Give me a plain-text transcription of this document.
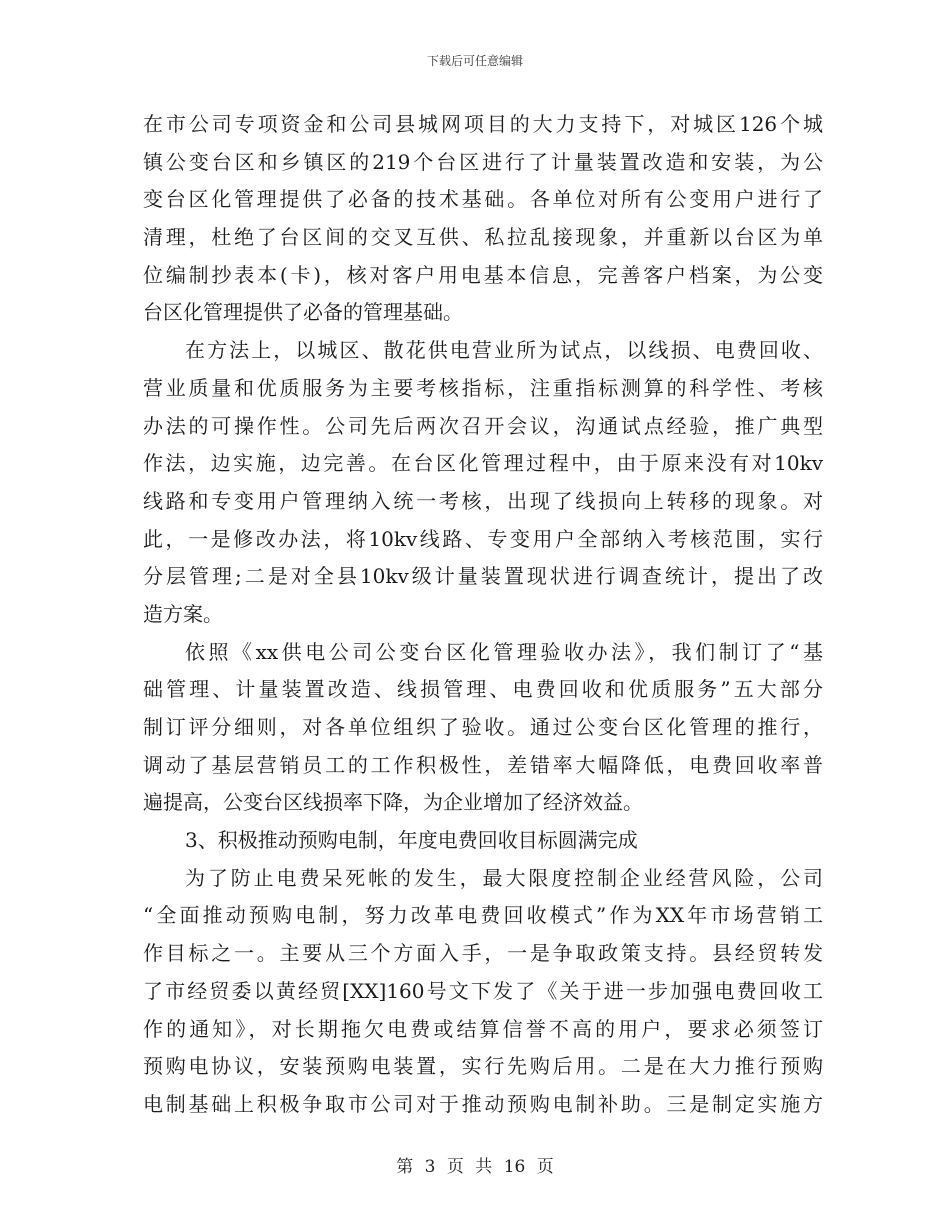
下载后可任意编辑
在市公司专项资金和公司县城网项目的大力支持下，对城区126个城
镇公变台区和乡镇区的219个台区进行了计量装置改造和安装，为公
变台区化管理提供了必备的技术基础。各单位对所有公变用户进行了
清理，杜绝了台区间的交叉互供、私拉乱接现象，并重新以台区为单
位编制抄表本(卡)，核对客户用电基本信息，完善客户档案，为公变
台区化管理提供了必备的管理基础。
在方法上，以城区、散花供电营业所为试点，以线损、电费回收、
营业质量和优质服务为主要考核指标，注重指标测算的科学性、考核
办法的可操作性。公司先后两次召开会议，沟通试点经验，推广典型
作法，边实施，边完善。在台区化管理过程中，由于原来没有对10kv
线路和专变用户管理纳入统一考核，出现了线损向上转移的现象。对
此，一是修改办法，将10kv线路、专变用户全部纳入考核范围，实行
分层管理;二是对全县10kv级计量装置现状进行调查统计，提出了改
造方案。
依照《xx供电公司公变台区化管理验收办法》，我们制订了“基
础管理、计量装置改造、线损管理、电费回收和优质服务”五大部分
制订评分细则，对各单位组织了验收。通过公变台区化管理的推行，
调动了基层营销员工的工作积极性，差错率大幅降低，电费回收率普
遍提高，公变台区线损率下降，为企业增加了经济效益。
3、积极推动预购电制，年度电费回收目标圆满完成
为了防止电费呆死帐的发生，最大限度控制企业经营风险，公司
“全面推动预购电制，努力改革电费回收模式”作为XX年市场营销工
作目标之一。主要从三个方面入手，一是争取政策支持。县经贸转发
了市经贸委以黄经贸[XX]160号文下发了《关于进一步加强电费回收工
作的通知》，对长期拖欠电费或结算信誉不高的用户，要求必须签订
预购电协议，安装预购电装置，实行先购后用。二是在大力推行预购
电制基础上积极争取市公司对于推动预购电制补助。三是制定实施方
第 3 页 共 16 页
